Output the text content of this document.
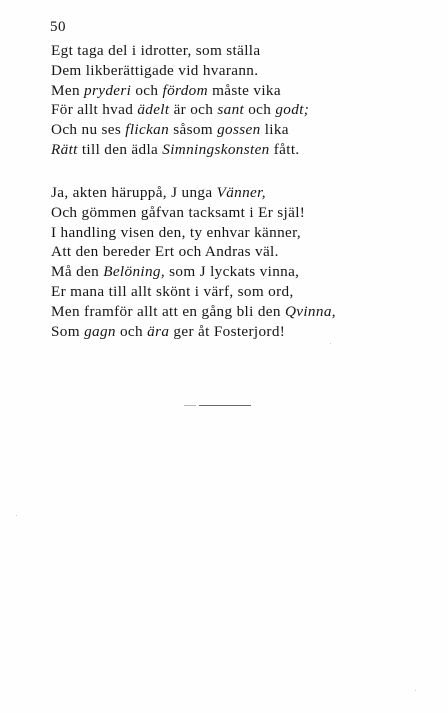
50
Egt taga del i idrotter, som ställa
Dem likberättigade vid hvarann.
Men pryderi och fördom måste vika
För allt hvad ädelt är och sant och godt;
Och nu ses flickan såsom gossen lika
Rätt till den ädla Simningskonsten fått.
Ja, akten häruppå, J unga Vänner,
Och gömmen gåfvan tacksamt i Er själ!
I handling visen den, ty enhvar känner,
Att den bereder Ert och Andras väl.
Må den Belöning, som J lyckats vinna,
Er mana till allt skönt i värf, som ord,
Men framför allt att en gång bli den Qvinna,
Som gagn och ära ger åt Fosterjord!
